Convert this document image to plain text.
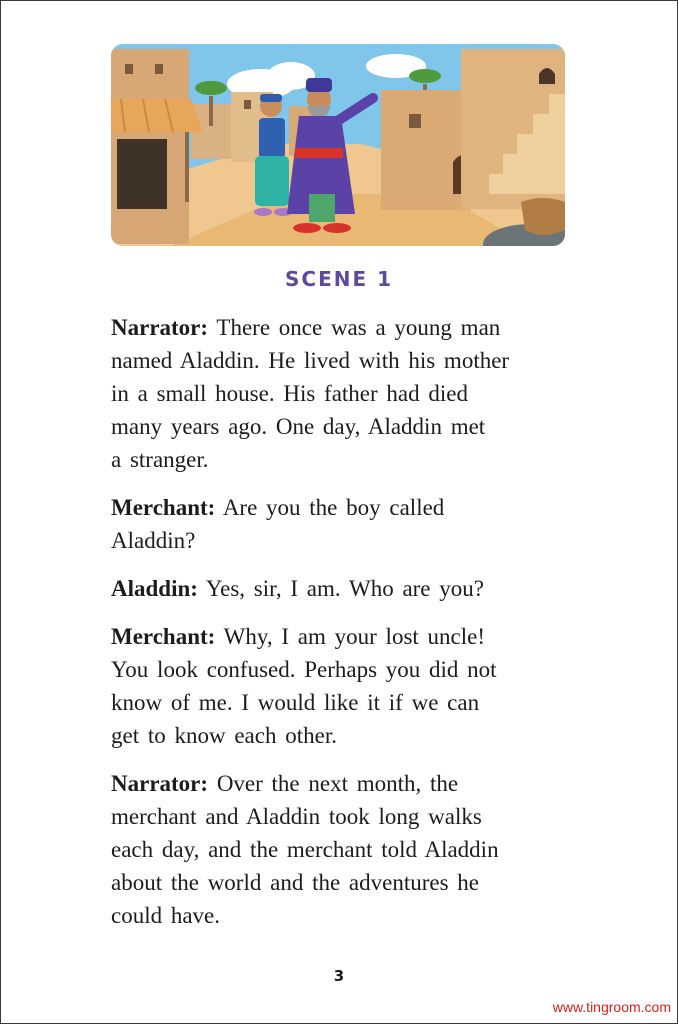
SCENE 1

Narrator: There once was a young man
named Aladdin. He lived with his mother
in a small house. His father had died
many years ago. One day, Aladdin met
a stranger.

Merchant: Are you the boy called
Aladdin?

Aladdin: Yes, sir, I am. Who are you?

Merchant: Why, I am your lost uncle!
You look confused. Perhaps you did not
know of me. I would like it if we can
get to know each other.

Narrator: Over the next month, the
merchant and Aladdin took long walks
each day, and the merchant told Aladdin
about the world and the adventures he
could have.

3
www.tingroom.com
